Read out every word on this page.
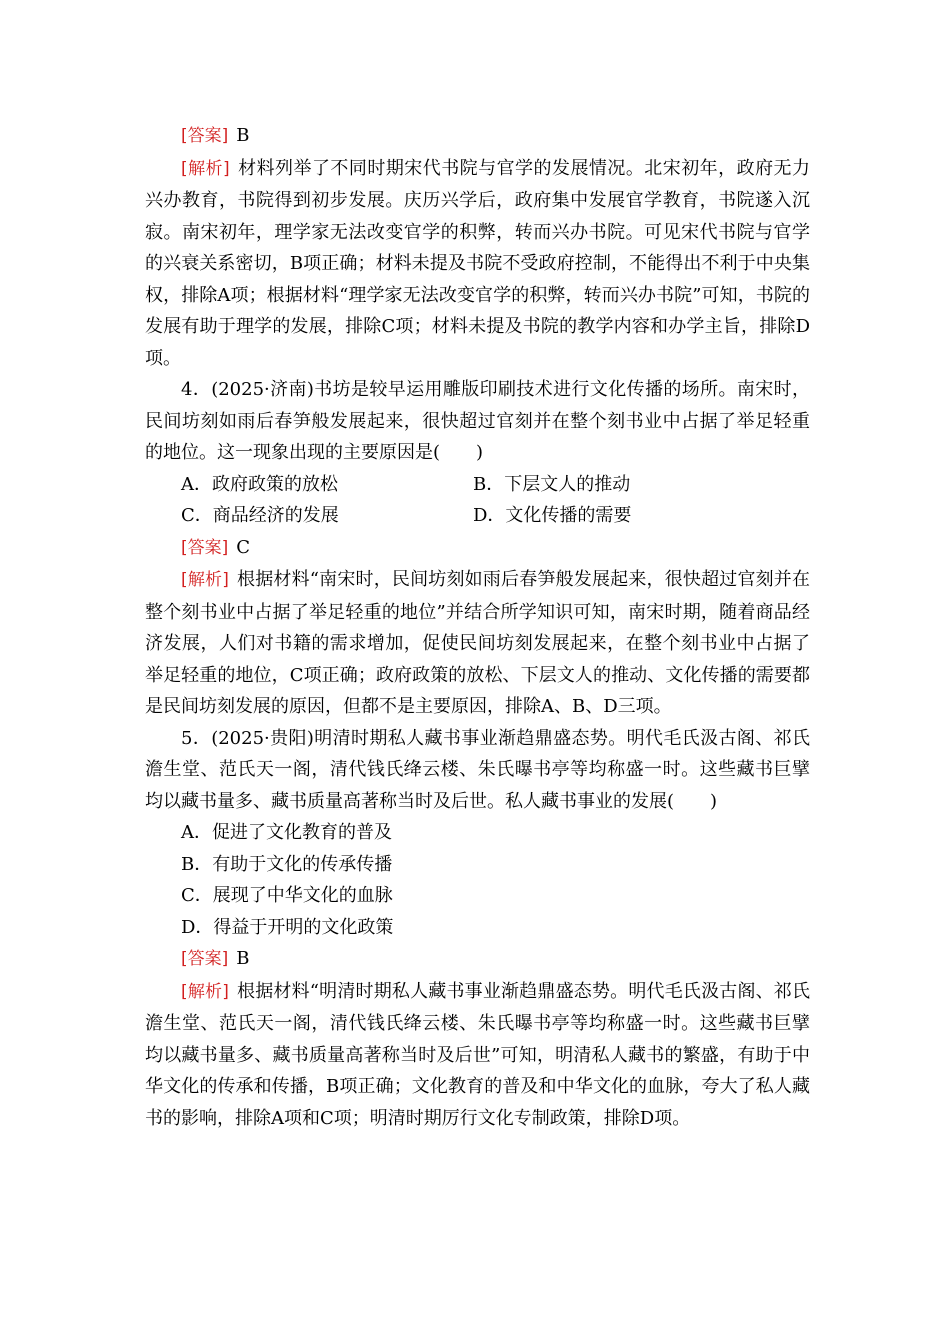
[答案] B

[解析] 材料列举了不同时期宋代书院与官学的发展情况。北宋初年，政府无力兴办教育，书院得到初步发展。庆历兴学后，政府集中发展官学教育，书院遂入沉寂。南宋初年，理学家无法改变官学的积弊，转而兴办书院。可见宋代书院与官学的兴衰关系密切，B项正确；材料未提及书院不受政府控制，不能得出不利于中央集权，排除A项；根据材料“理学家无法改变官学的积弊，转而兴办书院”可知，书院的发展有助于理学的发展，排除C项；材料未提及书院的教学内容和办学主旨，排除D项。

4．(2025·济南)书坊是较早运用雕版印刷技术进行文化传播的场所。南宋时，民间坊刻如雨后春笋般发展起来，很快超过官刻并在整个刻书业中占据了举足轻重的地位。这一现象出现的主要原因是(　　)

A．政府政策的放松	B．下层文人的推动
C．商品经济的发展	D．文化传播的需要

[答案] C

[解析] 根据材料“南宋时，民间坊刻如雨后春笋般发展起来，很快超过官刻并在整个刻书业中占据了举足轻重的地位”并结合所学知识可知，南宋时期，随着商品经济发展，人们对书籍的需求增加，促使民间坊刻发展起来，在整个刻书业中占据了举足轻重的地位，C项正确；政府政策的放松、下层文人的推动、文化传播的需要都是民间坊刻发展的原因，但都不是主要原因，排除A、B、D三项。

5．(2025·贵阳)明清时期私人藏书事业渐趋鼎盛态势。明代毛氏汲古阁、祁氏澹生堂、范氏天一阁，清代钱氏绛云楼、朱氏曝书亭等均称盛一时。这些藏书巨擘均以藏书量多、藏书质量高著称当时及后世。私人藏书事业的发展(　　)

A．促进了文化教育的普及
B．有助于文化的传承传播
C．展现了中华文化的血脉
D．得益于开明的文化政策

[答案] B

[解析] 根据材料“明清时期私人藏书事业渐趋鼎盛态势。明代毛氏汲古阁、祁氏澹生堂、范氏天一阁，清代钱氏绛云楼、朱氏曝书亭等均称盛一时。这些藏书巨擘均以藏书量多、藏书质量高著称当时及后世”可知，明清私人藏书的繁盛，有助于中华文化的传承和传播，B项正确；文化教育的普及和中华文化的血脉，夸大了私人藏书的影响，排除A项和C项；明清时期厉行文化专制政策，排除D项。
